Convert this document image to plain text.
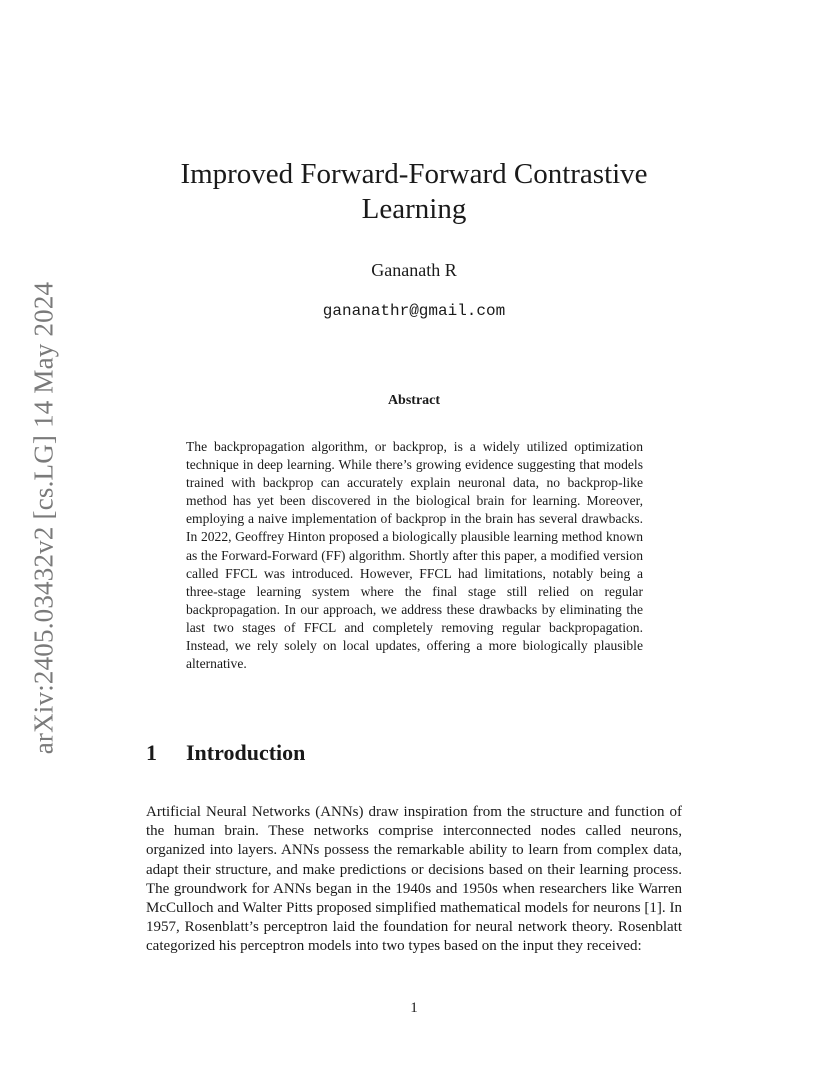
arXiv:2405.03432v2 [cs.LG] 14 May 2024
Improved Forward-Forward Contrastive Learning
Gananath R
gananathr@gmail.com
Abstract

The backpropagation algorithm, or backprop, is a widely utilized optimization technique in deep learning. While there’s growing evidence suggesting that models trained with backprop can accurately explain neuronal data, no backprop-like method has yet been discovered in the biological brain for learning. Moreover, employing a naive implementation of backprop in the brain has several drawbacks. In 2022, Geoffrey Hinton proposed a biologically plausible learning method known as the Forward-Forward (FF) algorithm. Shortly after this paper, a modified version called FFCL was introduced. However, FFCL had limitations, notably being a three-stage learning system where the final stage still relied on regular backpropagation. In our approach, we address these drawbacks by eliminating the last two stages of FFCL and completely removing regular backpropagation. Instead, we rely solely on local updates, offering a more biologically plausible alternative.

1 Introduction

Artificial Neural Networks (ANNs) draw inspiration from the structure and function of the human brain. These networks comprise interconnected nodes called neurons, organized into layers. ANNs possess the remarkable ability to learn from complex data, adapt their structure, and make predictions or decisions based on their learning process. The groundwork for ANNs began in the 1940s and 1950s when researchers like Warren McCulloch and Walter Pitts proposed simplified mathematical models for neurons [1]. In 1957, Rosenblatt’s perceptron laid the foundation for neural network theory. Rosenblatt categorized his perceptron models into two types based on the input they received:

1
